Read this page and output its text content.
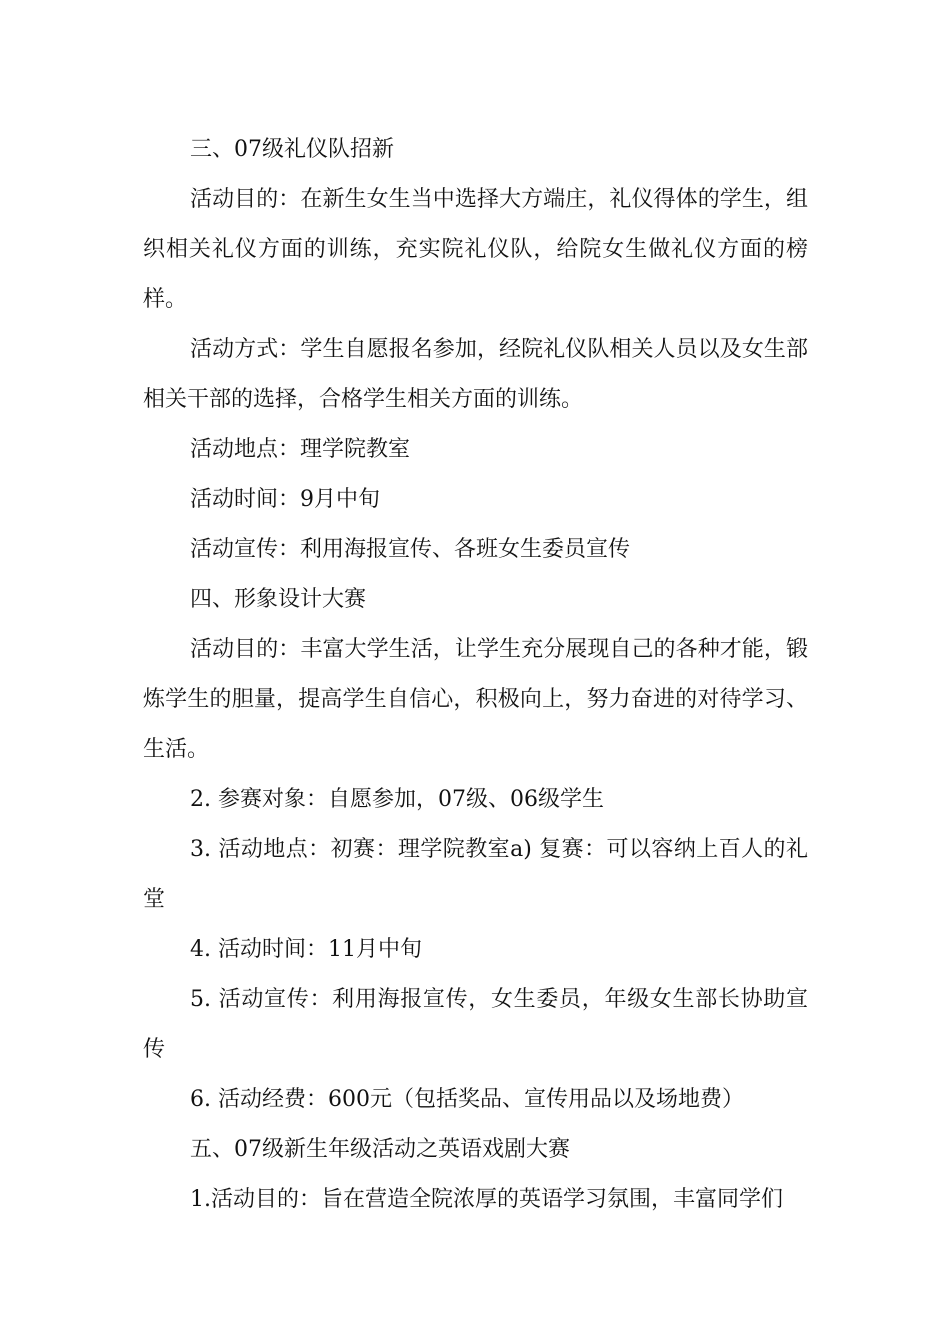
三、07级礼仪队招新

活动目的：在新生女生当中选择大方端庄，礼仪得体的学生，组织相关礼仪方面的训练，充实院礼仪队，给院女生做礼仪方面的榜样。

活动方式：学生自愿报名参加，经院礼仪队相关人员以及女生部相关干部的选择，合格学生相关方面的训练。

活动地点：理学院教室

活动时间：9月中旬

活动宣传：利用海报宣传、各班女生委员宣传

四、形象设计大赛

活动目的：丰富大学生活，让学生充分展现自己的各种才能，锻炼学生的胆量，提高学生自信心，积极向上，努力奋进的对待学习、生活。

2. 参赛对象：自愿参加，07级、06级学生

3. 活动地点：初赛：理学院教室a) 复赛：可以容纳上百人的礼堂

4. 活动时间：11月中旬

5. 活动宣传：利用海报宣传，女生委员，年级女生部长协助宣传

6. 活动经费：600元（包括奖品、宣传用品以及场地费）

五、07级新生年级活动之英语戏剧大赛

1.活动目的：旨在营造全院浓厚的英语学习氛围，丰富同学们
